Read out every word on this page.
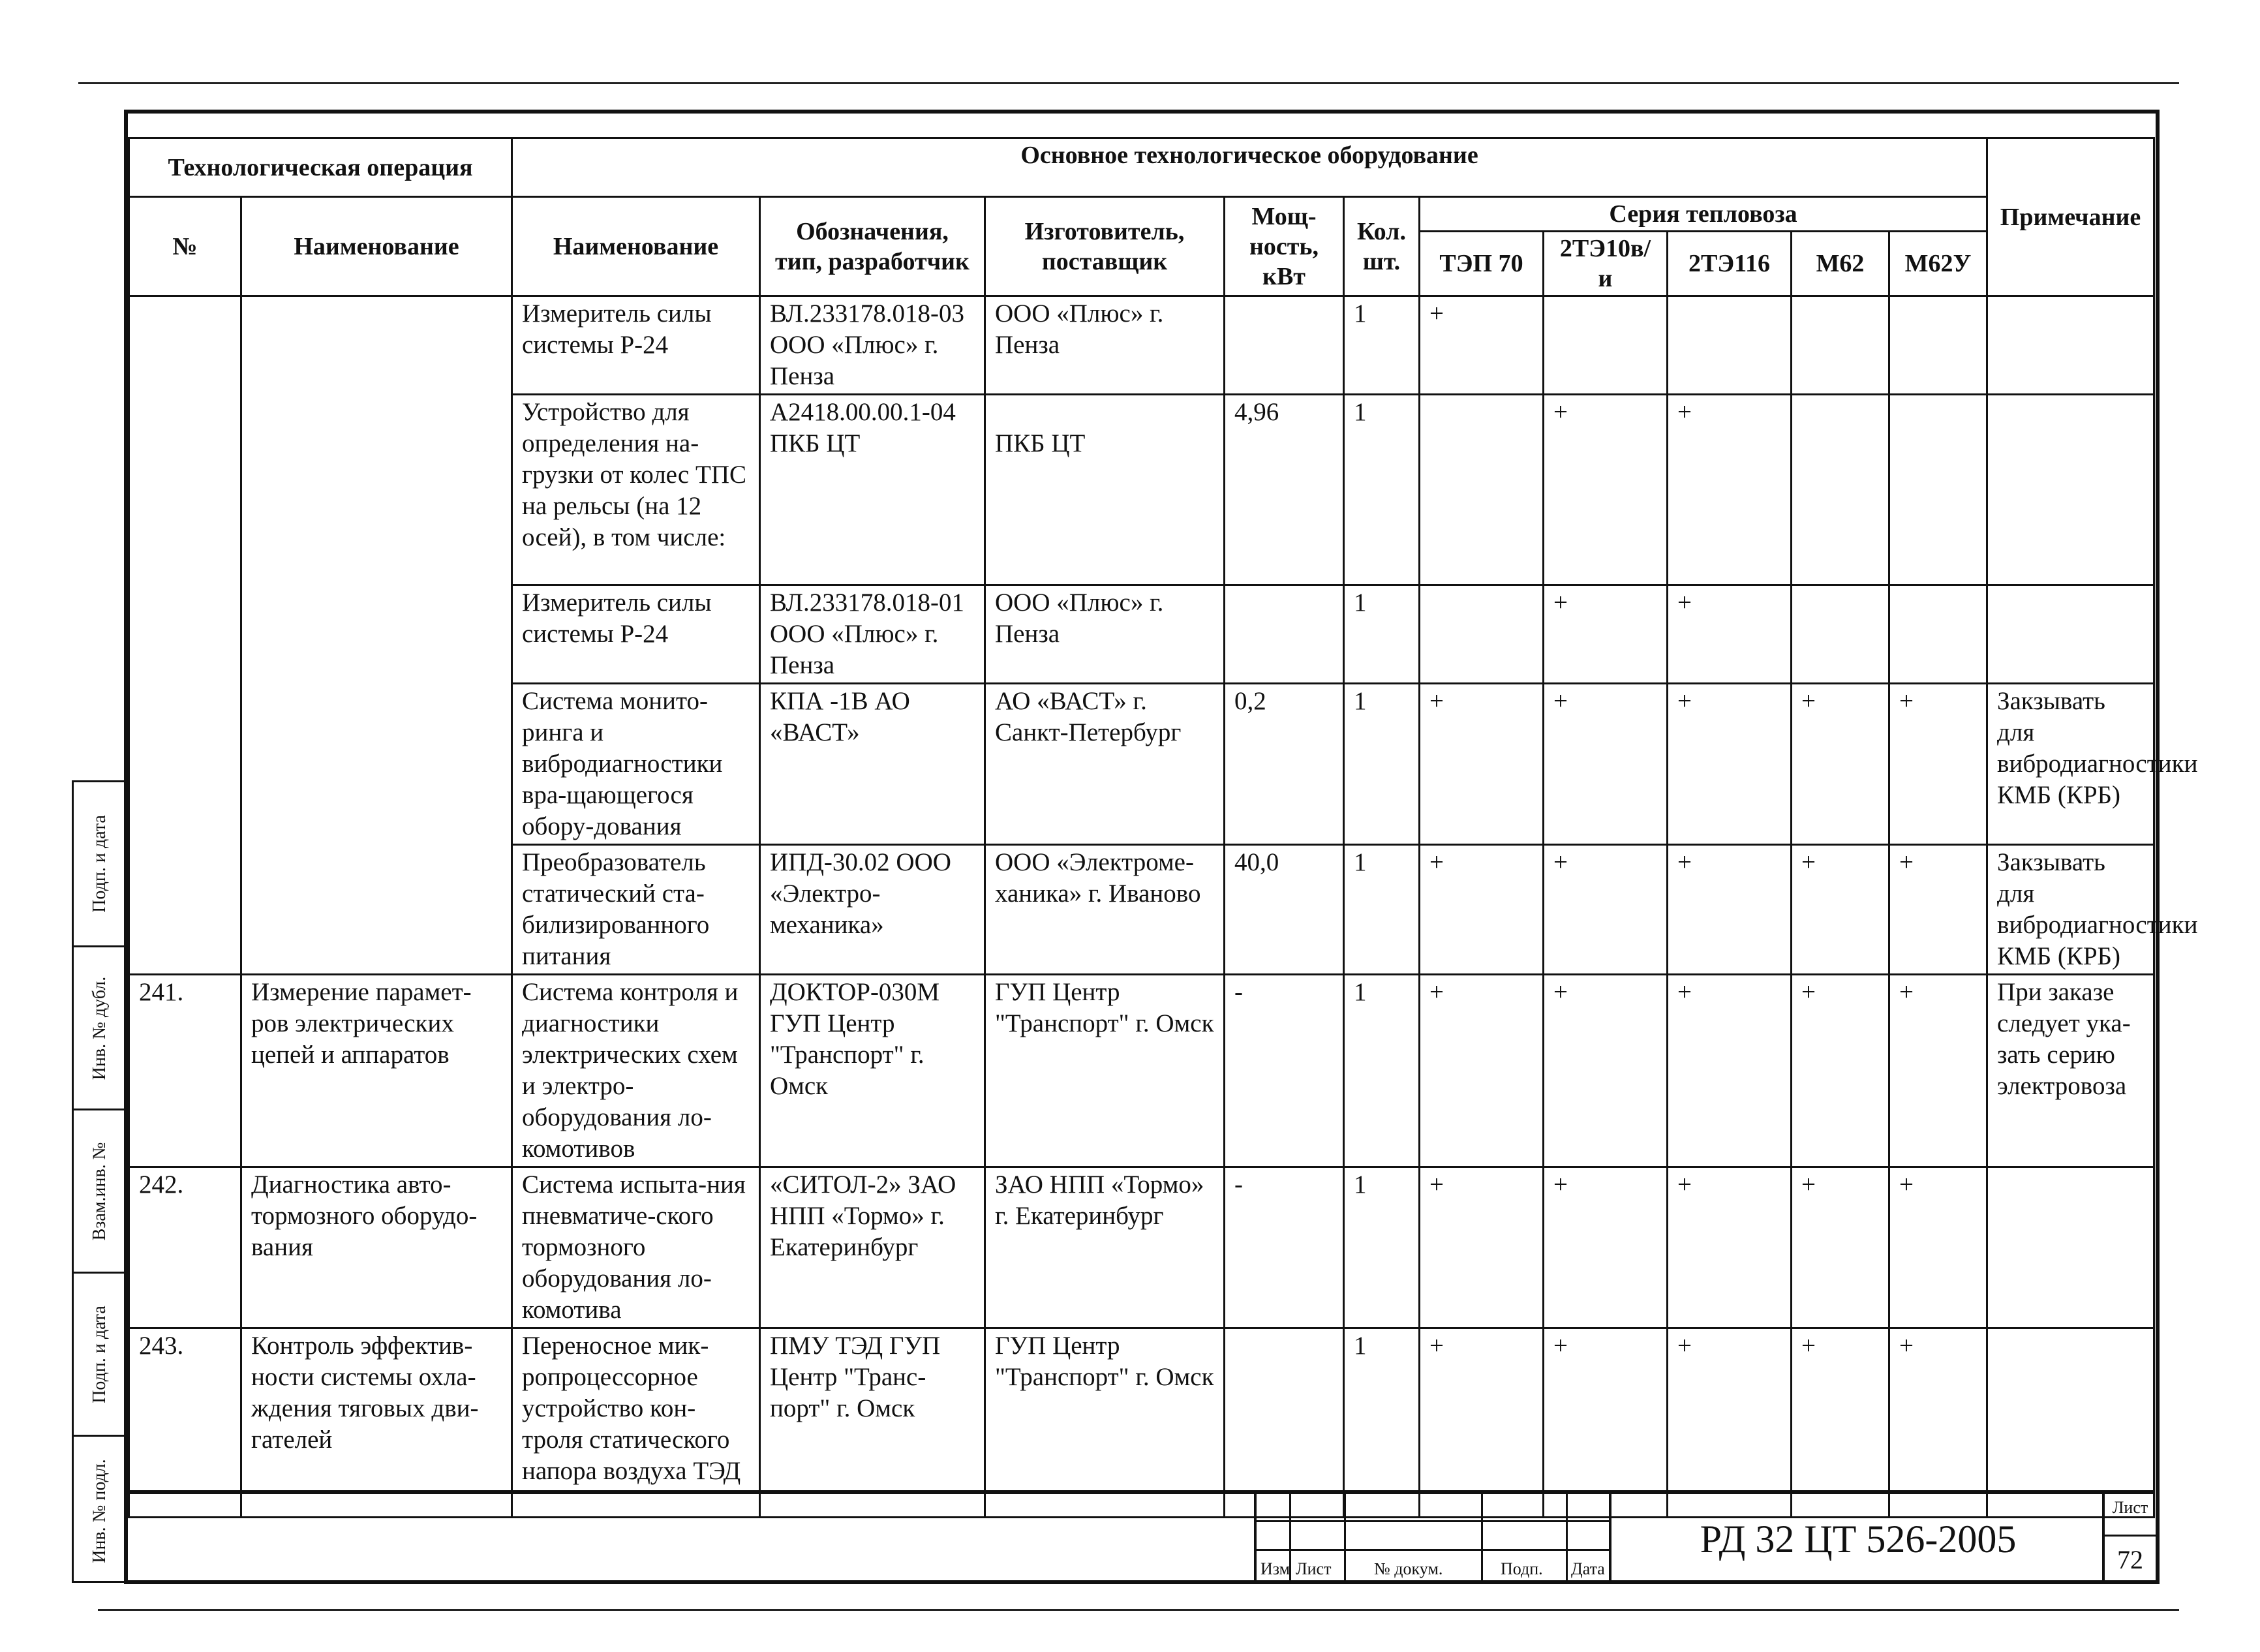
Технологическая операция		Основное технологическое оборудование										Примечание
№	Наименование	Наименование	Обозначения, тип, разработчик	Изготовитель, поставщик	Мощ-ность, кВт	Кол. шт.	Серия тепловоза					
							ТЭП 70	2ТЭ10в/и	2ТЭ116	М62	М62У	
		Измеритель силы системы Р-24	ВЛ.233178.018-03 ООО «Плюс» г. Пенза	ООО «Плюс» г. Пенза		1	+					
		Устройство для определения на-грузки от колес ТПС на рельсы (на 12 осей), в том числе:	А2418.00.00.1-04 ПКБ ЦТ	ПКБ ЦТ	4,96	1		+	+			
		Измеритель силы системы Р-24	ВЛ.233178.018-01 ООО «Плюс» г. Пенза	ООО «Плюс» г. Пенза		1		+	+			
		Система монито-ринга и вибродиагностики вра-щающегося обору-дования	КПА -1В АО «ВАСТ»	АО «ВАСТ» г. Санкт-Петербург	0,2	1	+	+	+	+	+	Закзывать для вибродиагностики КМБ (КРБ)
		Преобразователь статический ста-билизированного питания	ИПД-30.02 ООО «Электро-механика»	ООО «Электроме-ханика» г. Иваново	40,0	1	+	+	+	+	+	Закзывать для вибродиагностики КМБ (КРБ)
241.	Измерение парамет-ров электрических цепей и аппаратов	Система контроля и диагностики электрических схем и электро-оборудования ло-комотивов	ДОКТОР-030М ГУП Центр "Транспорт" г. Омск	ГУП Центр "Транспорт" г. Омск	-	1	+	+	+	+	+	При заказе следует ука-зать серию электровоза
242.	Диагностика авто-тормозного оборудо-вания	Система испыта-ния пневматиче-ского тормозного оборудования ло-комотива	«СИТОЛ-2» ЗАО НПП «Тормо» г. Екатеринбург	ЗАО НПП «Тормо» г. Екатеринбург	-	1	+	+	+	+	+	
243.	Контроль эффектив-ности системы охла-ждения тяговых дви-гателей	Переносное мик-ропроцессорное устройство кон-троля статического напора воздуха ТЭД	ПМУ ТЭД ГУП Центр "Транс-порт" г. Омск	ГУП Центр "Транспорт" г. Омск		1	+	+	+	+	+	
Подп. и дата
Инв. № дубл.
Взам.инв. №
Подп. и дата
Инв. № подл.
Изм Лист	№ докум.	Подп. Дата
РД 32 ЦТ 526-2005
Лист
72
